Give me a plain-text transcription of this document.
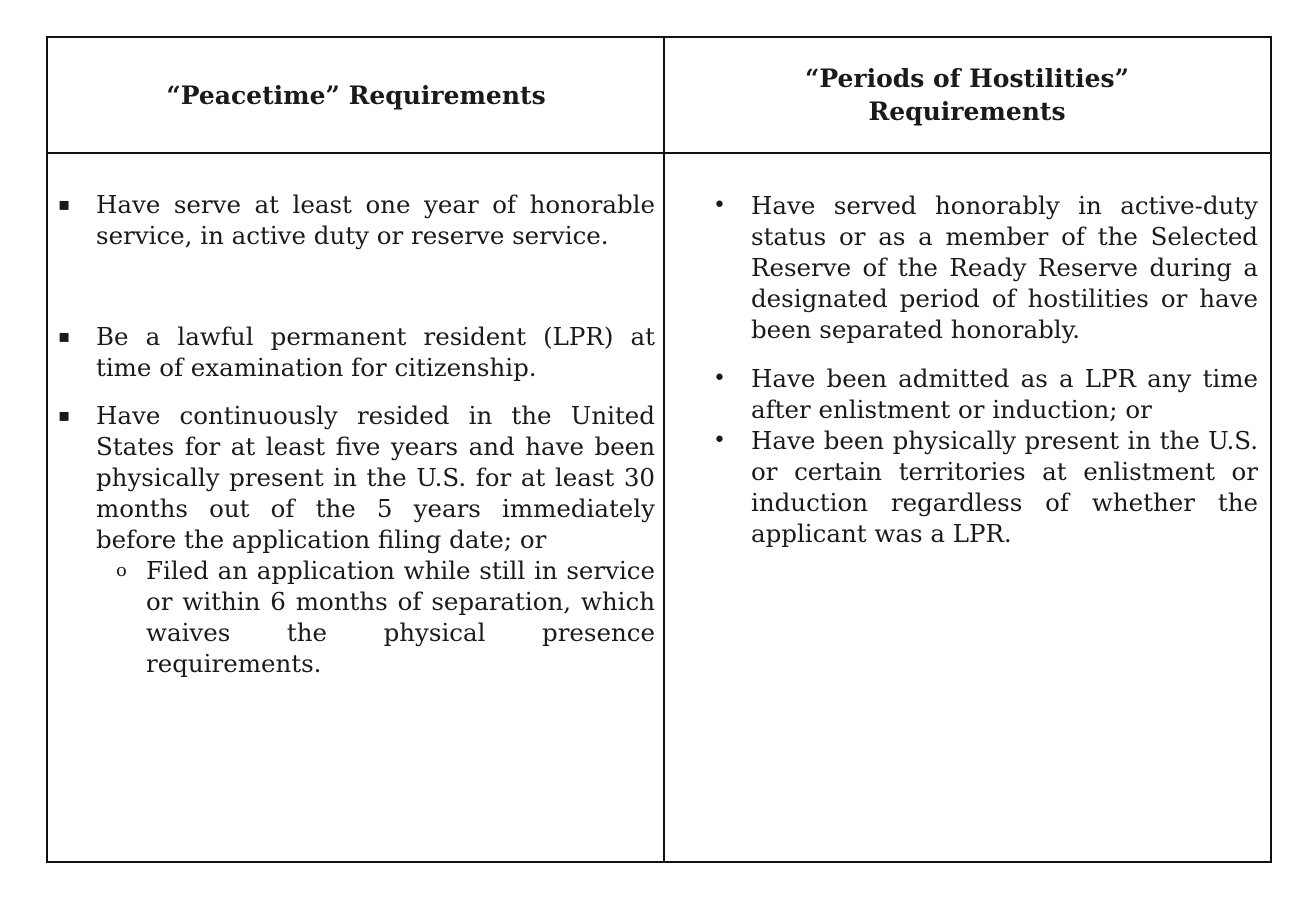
“Peacetime” Requirements
“Periods of Hostilities” Requirements
▪ Have serve at least one year of honorable service, in active duty or reserve service.
▪ Be a lawful permanent resident (LPR) at time of examination for citizenship.
▪ Have continuously resided in the United States for at least five years and have been physically present in the U.S. for at least 30 months out of the 5 years immediately before the application filing date; or
o Filed an application while still in service or within 6 months of separation, which waives the physical presence requirements.
• Have served honorably in active-duty status or as a member of the Selected Reserve of the Ready Reserve during a designated period of hostilities or have been separated honorably.
• Have been admitted as a LPR any time after enlistment or induction; or
• Have been physically present in the U.S. or certain territories at enlistment or induction regardless of whether the applicant was a LPR.
